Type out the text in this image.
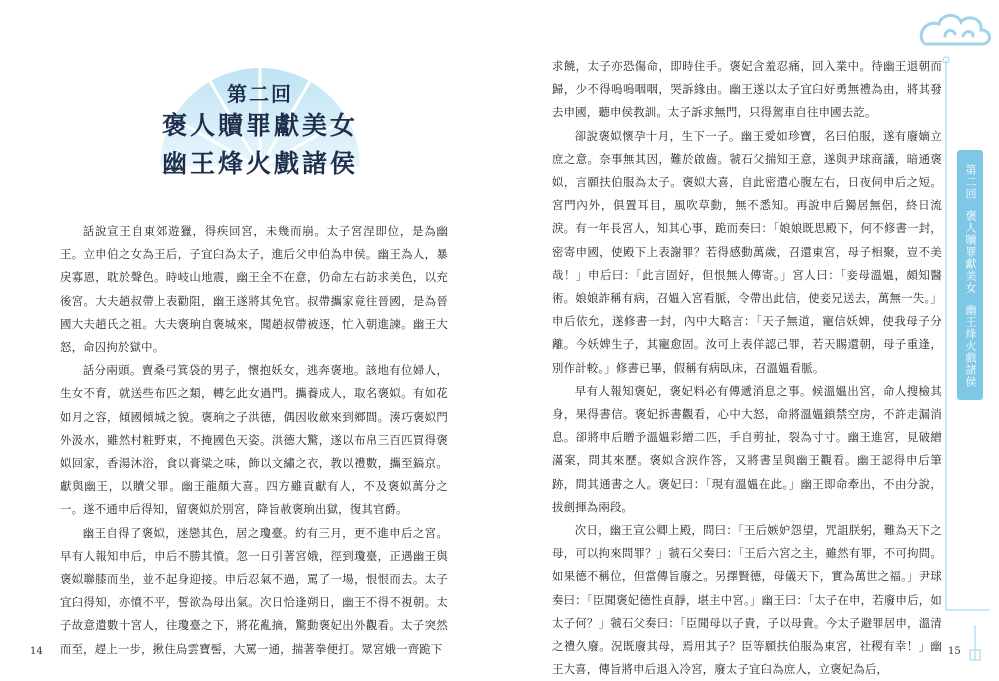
第二回
褒人贖罪獻美女
幽王烽火戲諸侯

話說宣王自東郊遊獵，得疾回宮，未幾而崩。太子宮涅即位，是為幽王。立申伯之女為王后，子宜臼為太子，進后父申伯為申侯。幽王為人，暴戾寡恩，耽於聲色。時岐山地震，幽王全不在意，仍命左右訪求美色，以充後宮。大夫趙叔帶上表勸阻，幽王遂將其免官。叔帶攜家竟往晉國，是為晉國大夫趙氏之祖。大夫褒珦自褒城來，聞趙叔帶被逐，忙入朝進諫。幽王大怒，命囚拘於獄中。

話分兩頭。賣桑弓箕袋的男子，懷抱妖女，逃奔褒地。該地有位婦人，生女不育，就送些布匹之類，轉乞此女過門。攜養成人，取名褒姒。有如花如月之容，傾國傾城之貌。褒珦之子洪德，偶因收歛來到鄉間。湊巧褒姒門外汲水，雖然村粧野束，不掩國色天姿。洪德大驚，遂以布帛三百匹買得褒姒回家，香湯沐浴，食以膏粱之味，飾以文繡之衣，教以禮數，攜至鎬京。獻與幽王，以贖父罪。幽王龍顏大喜。四方雖貢獻有人，不及褒姒萬分之一。遂不通申后得知，留褒姒於別宮，降旨赦褒珦出獄，復其官爵。

幽王自得了褒姒，迷戀其色，居之瓊臺。約有三月，更不進申后之宮。早有人報知申后，申后不勝其憤。忽一日引著宮娥，徑到瓊臺，正遇幽王與褒姒聯膝而坐，並不起身迎接。申后忍氣不過，罵了一場，恨恨而去。太子宜臼得知，亦憤不平，誓欲為母出氣。次日恰逢朔日，幽王不得不視朝。太子故意遣數十宮人，往瓊臺之下，將花亂摘，驚動褒妃出外觀看。太子突然而至，趕上一步，揪住烏雲寶髻，大罵一通，揣著拳便打。眾宮娥一齊跪下

求饒，太子亦恐傷命，即時住手。褒妃含羞忍痛，回入業中。待幽王退朝而歸，少不得嗚嗚咽咽，哭訴緣由。幽王遂以太子宜臼好勇無禮為由，將其發去申國，聽申侯教訓。太子訴求無門，只得駕車自往申國去訖。

卻說褒姒懷孕十月，生下一子。幽王愛如珍寶，名曰伯服，遂有廢嫡立庶之意。奈事無其因，難於啟齒。虢石父揣知王意，遂與尹球商議，暗通褒姒，言願扶伯服為太子。褒姒大喜，自此密遣心腹左右，日夜伺申后之短。宮門內外，俱置耳目，風吹草動，無不悉知。再說申后獨居無侶，終日流淚。有一年長宮人，知其心事，跪而奏曰：「娘娘既思殿下，何不修書一封，密寄申國，使殿下上表謝罪？若得感動萬歲，召還東宮，母子相聚，豈不美哉！」申后曰：「此言固好，但恨無人傳寄。」宮人曰：「妾母溫媼，頗知醫術。娘娘詐稱有病，召媼入宮看脈，令帶出此信，使妾兄送去，萬無一失。」申后依允，遂修書一封，內中大略言：「天子無道，寵信妖婢，使我母子分離。今妖婢生子，其寵愈固。汝可上表佯認己罪，若天賜還朝，母子重逢，別作計較。」修書已畢，假稱有病臥床，召溫媼看脈。

早有人報知褒妃，褒妃料必有傳遞消息之事。候溫媼出宮，命人搜檢其身，果得書信。褒妃拆書觀看，心中大怒，命將溫媼鎖禁空房，不許走漏消息。卻將申后贈予溫媼彩繒二匹，手自剪扯，裂為寸寸。幽王進宮，見破繒滿案，問其來歷。褒姒含淚作答，又將書呈與幽王觀看。幽王認得申后筆跡，問其通書之人。褒妃曰：「現有溫媼在此。」幽王即命牽出，不由分說，拔劍揮為兩段。

次日，幽王宣公卿上殿，問曰：「王后嫉妒怨望，咒詛朕躬，難為天下之母，可以拘來問罪？」虢石父奏曰：「王后六宮之主，雖然有罪，不可拘問。如果德不稱位，但當傳旨廢之。另擇賢德，母儀天下，實為萬世之福。」尹球奏曰：「臣聞褒妃德性貞靜，堪主中宮。」幽王曰：「太子在申，若廢申后，如太子何？」虢石父奏曰：「臣聞母以子貴，子以母貴。今太子避罪居申，溫清之禮久廢。況既廢其母，焉用其子？臣等願扶伯服為東宮，社稷有幸！」幽王大喜，傳旨將申后退入冷宮，廢太子宜臼為庶人，立褒妃為后，

第二回
褒人贖罪獻美女
幽王烽火戲諸侯
14	15
